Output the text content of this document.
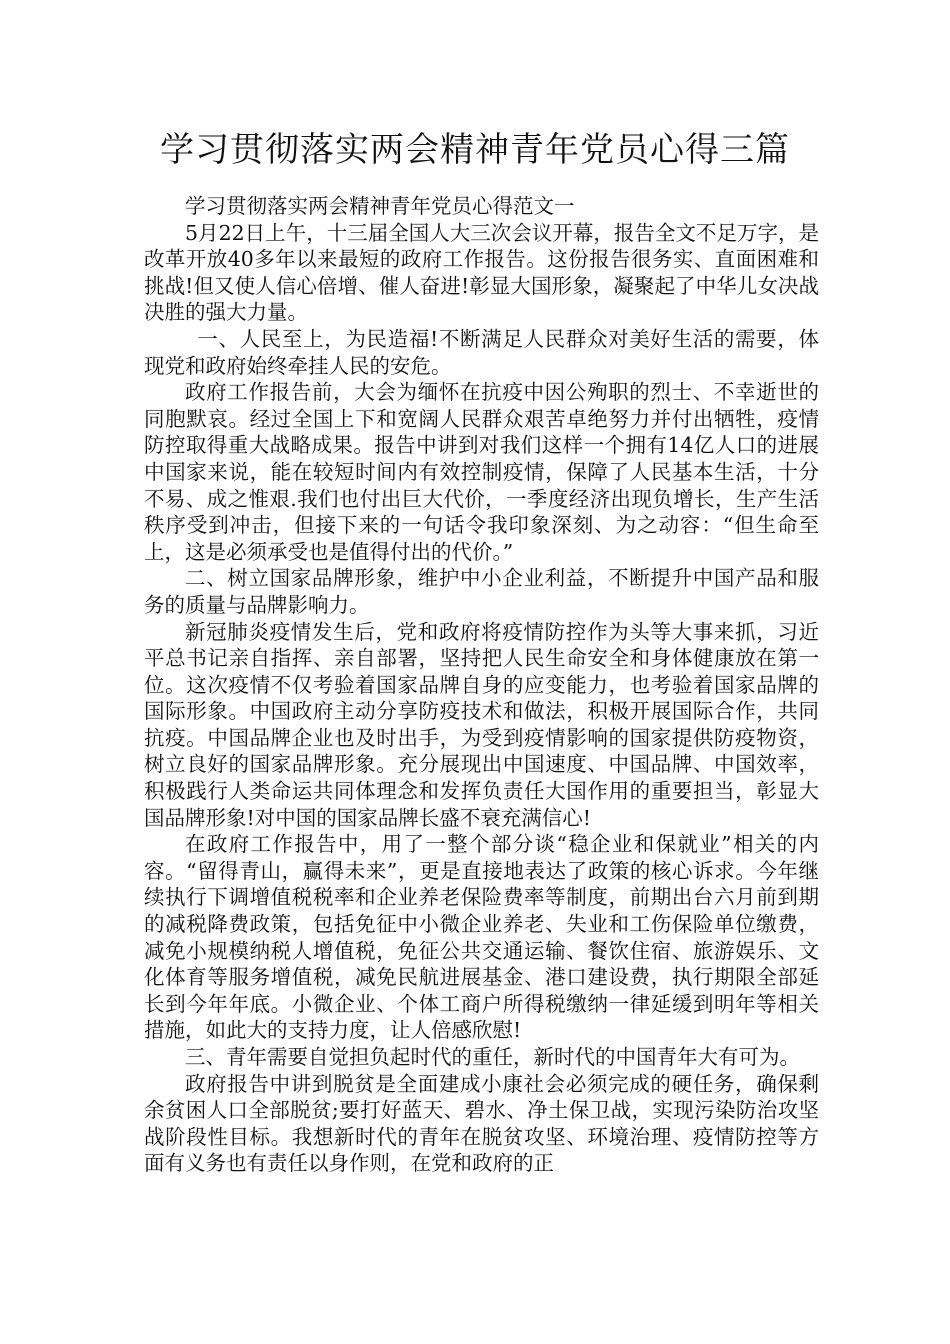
学习贯彻落实两会精神青年党员心得三篇

学习贯彻落实两会精神青年党员心得范文一

5月22日上午，十三届全国人大三次会议开幕，报告全文不足万字，是改革开放40多年以来最短的政府工作报告。这份报告很务实、直面困难和挑战!但又使人信心倍增、催人奋进!彰显大国形象，凝聚起了中华儿女决战决胜的强大力量。

一、人民至上，为民造福!不断满足人民群众对美好生活的需要，体现党和政府始终牵挂人民的安危。

政府工作报告前，大会为缅怀在抗疫中因公殉职的烈士、不幸逝世的同胞默哀。经过全国上下和宽阔人民群众艰苦卓绝努力并付出牺牲，疫情防控取得重大战略成果。报告中讲到对我们这样一个拥有14亿人口的进展中国家来说，能在较短时间内有效控制疫情，保障了人民基本生活，十分不易、成之惟艰.我们也付出巨大代价，一季度经济出现负增长，生产生活秩序受到冲击，但接下来的一句话令我印象深刻、为之动容：“但生命至上，这是必须承受也是值得付出的代价。”

二、树立国家品牌形象，维护中小企业利益，不断提升中国产品和服务的质量与品牌影响力。

新冠肺炎疫情发生后，党和政府将疫情防控作为头等大事来抓，习近平总书记亲自指挥、亲自部署，坚持把人民生命安全和身体健康放在第一位。这次疫情不仅考验着国家品牌自身的应变能力，也考验着国家品牌的国际形象。中国政府主动分享防疫技术和做法，积极开展国际合作，共同抗疫。中国品牌企业也及时出手，为受到疫情影响的国家提供防疫物资，树立良好的国家品牌形象。充分展现出中国速度、中国品牌、中国效率，积极践行人类命运共同体理念和发挥负责任大国作用的重要担当，彰显大国品牌形象!对中国的国家品牌长盛不衰充满信心!

在政府工作报告中，用了一整个部分谈“稳企业和保就业”相关的内容。“留得青山，赢得未来”，更是直接地表达了政策的核心诉求。今年继续执行下调增值税税率和企业养老保险费率等制度，前期出台六月前到期的减税降费政策，包括免征中小微企业养老、失业和工伤保险单位缴费，减免小规模纳税人增值税，免征公共交通运输、餐饮住宿、旅游娱乐、文化体育等服务增值税，减免民航进展基金、港口建设费，执行期限全部延长到今年年底。小微企业、个体工商户所得税缴纳一律延缓到明年等相关措施，如此大的支持力度，让人倍感欣慰!

三、青年需要自觉担负起时代的重任，新时代的中国青年大有可为。

政府报告中讲到脱贫是全面建成小康社会必须完成的硬任务，确保剩余贫困人口全部脱贫;要打好蓝天、碧水、净土保卫战，实现污染防治攻坚战阶段性目标。我想新时代的青年在脱贫攻坚、环境治理、疫情防控等方面有义务也有责任以身作则，在党和政府的正
